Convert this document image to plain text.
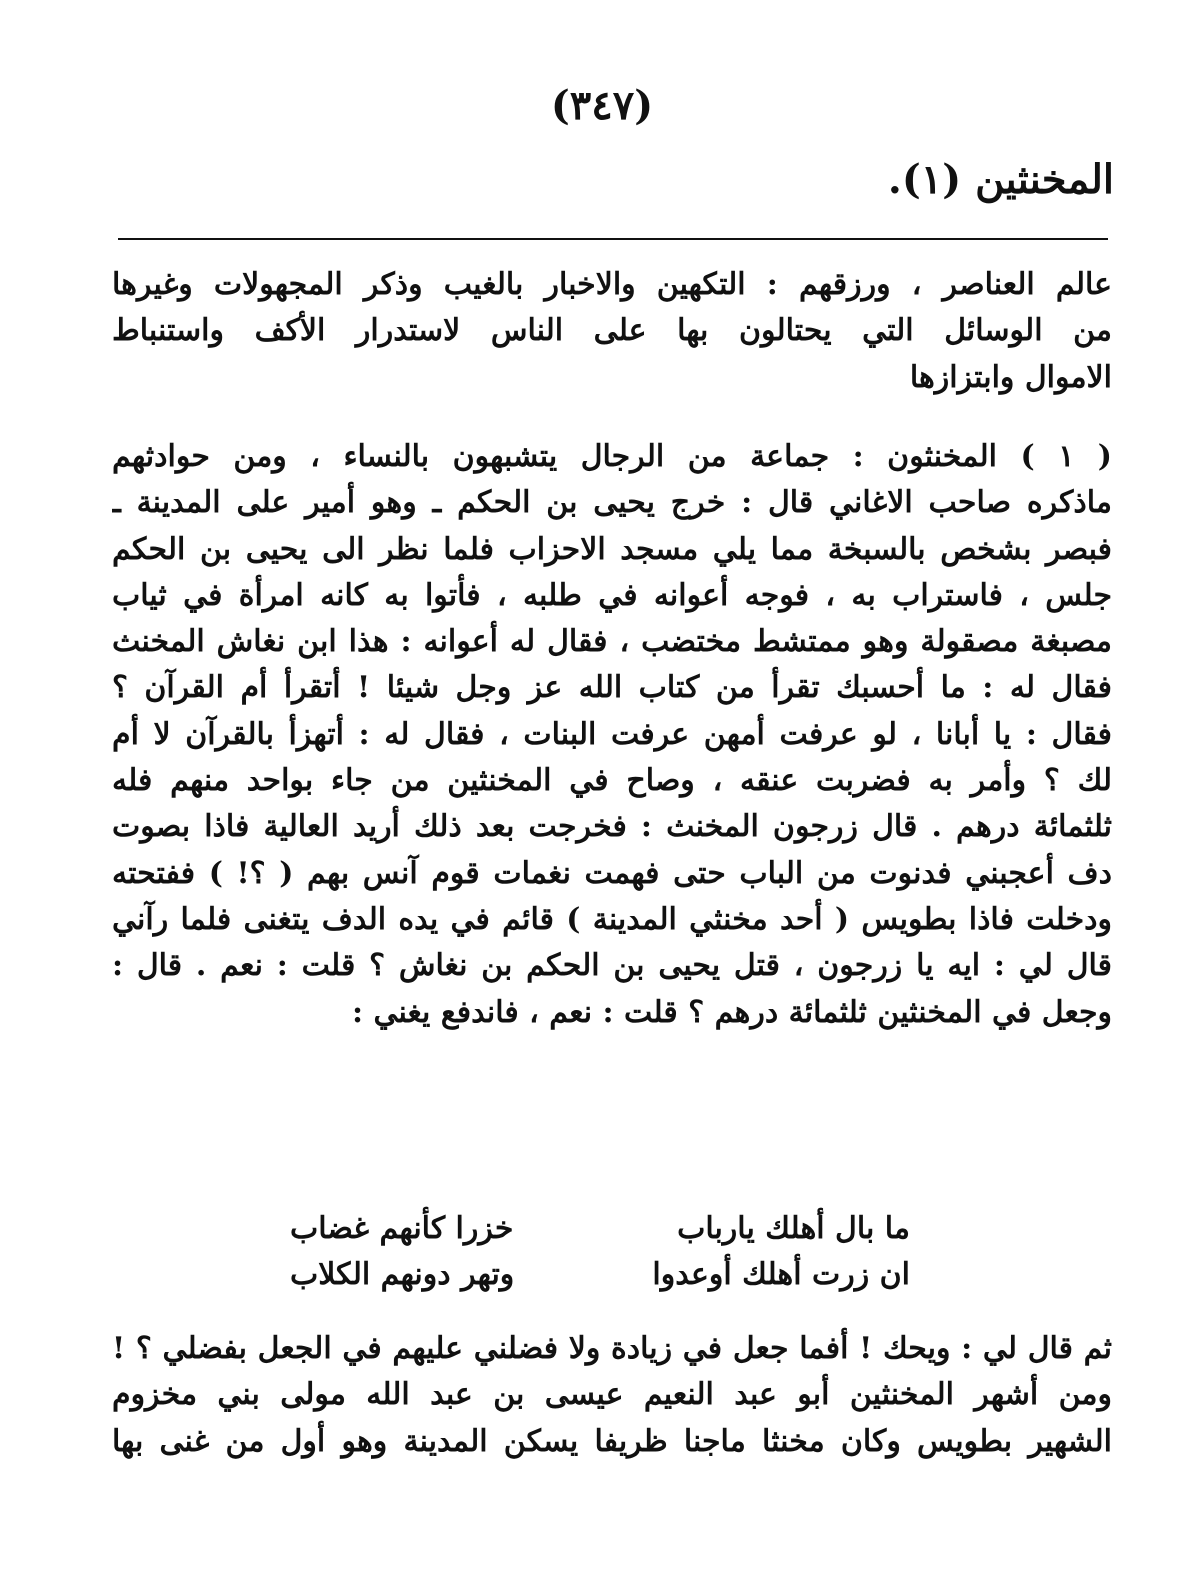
(٣٤٧)
المخنثين (١).
عالم العناصر ، ورزقهم : التكهين والاخبار بالغيب وذكر المجهولات وغيرها
من الوسائل التي يحتالون بها على الناس لاستدرار الأكف واستنباط
الاموال وابتزازها
( ١ ) المخنثون : جماعة من الرجال يتشبهون بالنساء ، ومن حوادثهم
ماذكره صاحب الاغاني قال : خرج يحيى بن الحكم ـ وهو أمير على المدينة ـ
فبصر بشخص بالسبخة مما يلي مسجد الاحزاب فلما نظر الى يحيى بن الحكم
جلس ، فاستراب به ، فوجه أعوانه في طلبه ، فأتوا به كانه امرأة في ثياب
مصبغة مصقولة وهو ممتشط مختضب ، فقال له أعوانه : هذا ابن نغاش المخنث
فقال له : ما أحسبك تقرأ من كتاب الله عز وجل شيئا ! أتقرأ أم القرآن ؟
فقال : يا أبانا ، لو عرفت أمهن عرفت البنات ، فقال له : أتهزأ بالقرآن لا أم
لك ؟ وأمر به فضربت عنقه ، وصاح في المخنثين من جاء بواحد منهم فله
ثلثمائة درهم . قال زرجون المخنث : فخرجت بعد ذلك أريد العالية فاذا بصوت
دف أعجبني فدنوت من الباب حتى فهمت نغمات قوم آنس بهم ( ؟! ) ففتحته
ودخلت فاذا بطويس ( أحد مخنثي المدينة ) قائم في يده الدف يتغنى فلما رآني
قال لي : ايه يا زرجون ، قتل يحيى بن الحكم بن نغاش ؟ قلت : نعم . قال :
وجعل في المخنثين ثلثمائة درهم ؟ قلت : نعم ، فاندفع يغني :
ما بال أهلك يارباب
خزرا كأنهم غضاب
ان زرت أهلك أوعدوا
وتهر دونهم الكلاب
ثم قال لي : ويحك ! أفما جعل في زيادة ولا فضلني عليهم في الجعل بفضلي ؟ !
ومن أشهر المخنثين أبو عبد النعيم عيسى بن عبد الله مولى بني مخزوم
الشهير بطويس وكان مخنثا ماجنا ظريفا يسكن المدينة وهو أول من غنى بها
